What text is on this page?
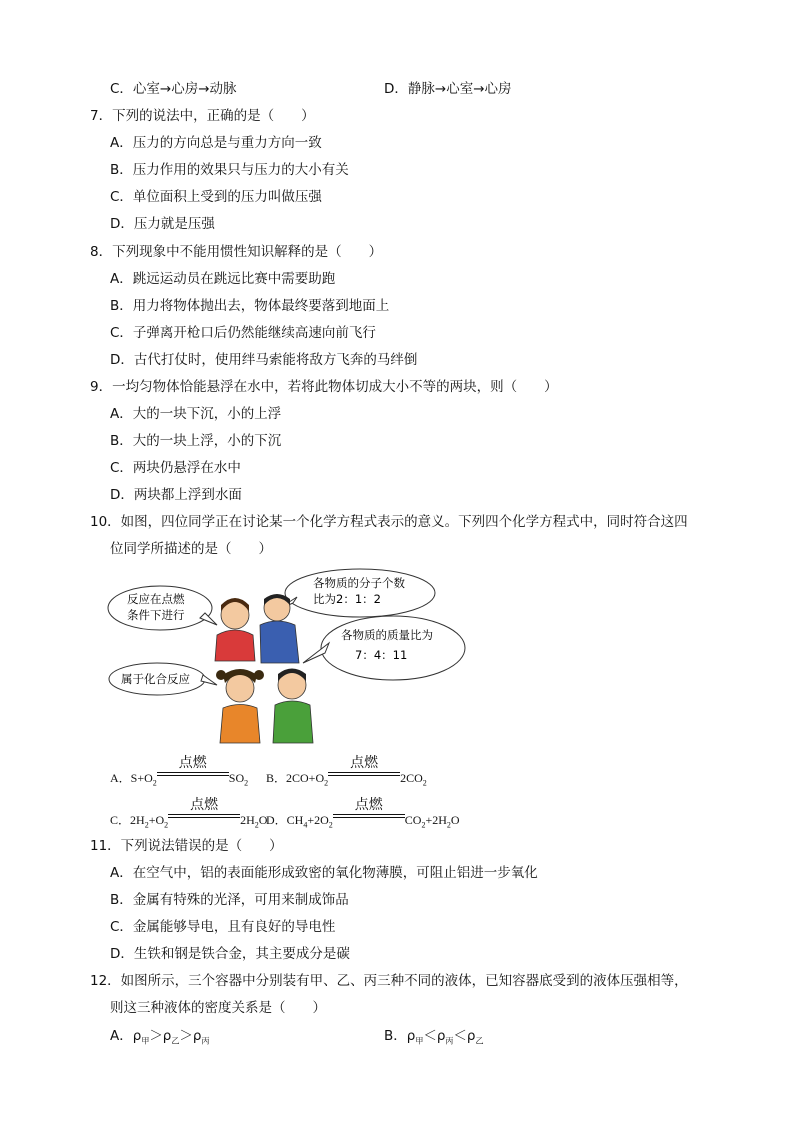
C．心室→心房→动脉	D．静脉→心室→心房
7．下列的说法中，正确的是（　　）
A．压力的方向总是与重力方向一致
B．压力作用的效果只与压力的大小有关
C．单位面积上受到的压力叫做压强
D．压力就是压强
8．下列现象中不能用惯性知识解释的是（　　）
A．跳远运动员在跳远比赛中需要助跑
B．用力将物体抛出去，物体最终要落到地面上
C．子弹离开枪口后仍然能继续高速向前飞行
D．古代打仗时，使用绊马索能将敌方飞奔的马绊倒
9．一均匀物体恰能悬浮在水中，若将此物体切成大小不等的两块，则（　　）
A．大的一块下沉，小的上浮
B．大的一块上浮，小的下沉
C．两块仍悬浮在水中
D．两块都上浮到水面
10．如图，四位同学正在讨论某一个化学方程式表示的意义。下列四个化学方程式中，同时符合这四
位同学所描述的是（　　）
反应在点燃
条件下进行
各物质的分子个数
比为2：1：2
各物质的质量比为
7：4：11
属于化合反应
A．$S+O_2$
点燃
$SO_2$ B．$2CO+O_2$
点燃
$2CO_2$
C．$2H_2+O_2$
点燃
$2H_2O$
D．$CH_4+2O_2$
点燃
$CO_2+2H_2O$
11．下列说法错误的是（　　）
A．在空气中，铝的表面能形成致密的氧化物薄膜，可阻止铝进一步氧化
B．金属有特殊的光泽，可用来制成饰品
C．金属能够导电，且有良好的导电性
D．生铁和钢是铁合金，其主要成分是碳
12．如图所示，三个容器中分别装有甲、乙、丙三种不同的液体，已知容器底受到的液体压强相等，
则这三种液体的密度关系是（　　）
A．$\rho_甲>\rho_乙>\rho_丙$	B．$\rho_甲<\rho_丙<\rho_乙$
